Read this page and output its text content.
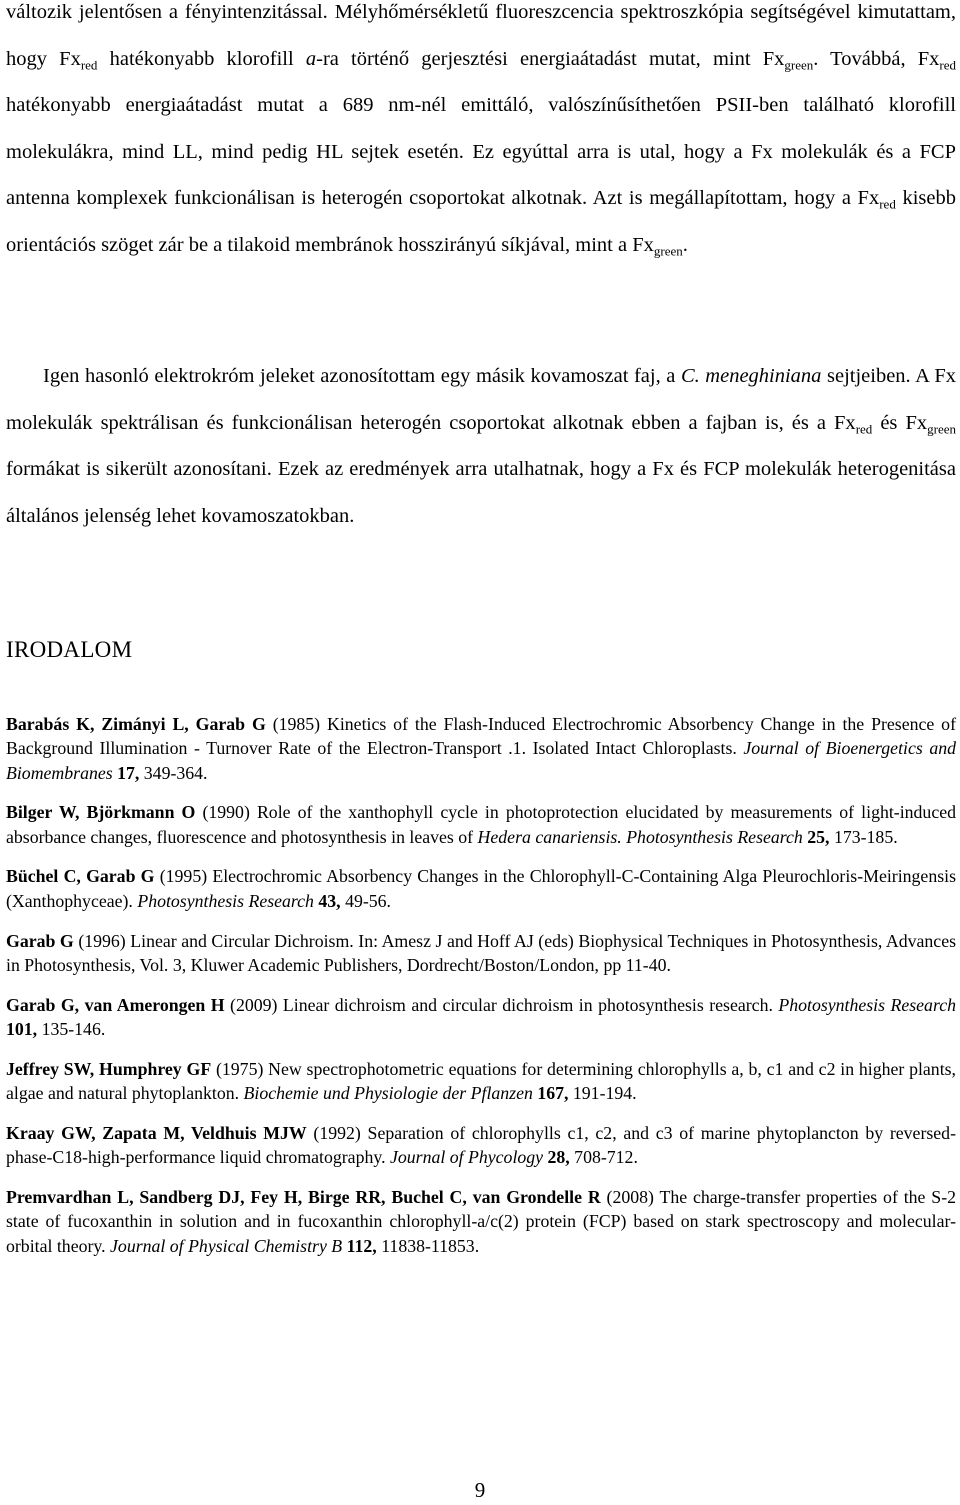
változik jelentősen a fényintenzitással. Mélyhőmérsékletű fluoreszcencia spektroszkópia segítségével kimutattam, hogy $Fx_{red}$ hatékonyabb klorofill a-ra történő gerjesztési energiaátadást mutat, mint $Fx_{green}$. Továbbá, $Fx_{red}$ hatékonyabb energiaátadást mutat a 689 nm-nél emittáló, valószínűsíthetően PSII-ben található klorofill molekulákra, mind LL, mind pedig HL sejtek esetén. Ez egyúttal arra is utal, hogy a Fx molekulák és a FCP antenna komplexek funkcionálisan is heterogén csoportokat alkotnak. Azt is megállapítottam, hogy a $Fx_{red}$ kisebb orientációs szöget zár be a tilakoid membránok hosszirányú síkjával, mint a $Fx_{green}$.

Igen hasonló elektrokróm jeleket azonosítottam egy másik kovamoszat faj, a C. meneghiniana sejtjeiben. A Fx molekulák spektrálisan és funkcionálisan heterogén csoportokat alkotnak ebben a fajban is, és a $Fx_{red}$ és $Fx_{green}$ formákat is sikerült azonosítani. Ezek az eredmények arra utalhatnak, hogy a Fx és FCP molekulák heterogenitása általános jelenség lehet kovamoszatokban.

IRODALOM

Barabás K, Zimányi L, Garab G (1985) Kinetics of the Flash-Induced Electrochromic Absorbency Change in the Presence of Background Illumination - Turnover Rate of the Electron-Transport .1. Isolated Intact Chloroplasts. Journal of Bioenergetics and Biomembranes 17, 349-364.

Bilger W, Björkmann O (1990) Role of the xanthophyll cycle in photoprotection elucidated by measurements of light-induced absorbance changes, fluorescence and photosynthesis in leaves of Hedera canariensis. Photosynthesis Research 25, 173-185.

Büchel C, Garab G (1995) Electrochromic Absorbency Changes in the Chlorophyll-C-Containing Alga Pleurochloris-Meiringensis (Xanthophyceae). Photosynthesis Research 43, 49-56.

Garab G (1996) Linear and Circular Dichroism. In: Amesz J and Hoff AJ (eds) Biophysical Techniques in Photosynthesis, Advances in Photosynthesis, Vol. 3, Kluwer Academic Publishers, Dordrecht/Boston/London, pp 11-40.

Garab G, van Amerongen H (2009) Linear dichroism and circular dichroism in photosynthesis research. Photosynthesis Research 101, 135-146.

Jeffrey SW, Humphrey GF (1975) New spectrophotometric equations for determining chlorophylls a, b, c1 and c2 in higher plants, algae and natural phytoplankton. Biochemie und Physiologie der Pflanzen 167, 191-194.

Kraay GW, Zapata M, Veldhuis MJW (1992) Separation of chlorophylls c1, c2, and c3 of marine phytoplancton by reversed-phase-C18-high-performance liquid chromatography. Journal of Phycology 28, 708-712.

Premvardhan L, Sandberg DJ, Fey H, Birge RR, Buchel C, van Grondelle R (2008) The charge-transfer properties of the S-2 state of fucoxanthin in solution and in fucoxanthin chlorophyll-a/c(2) protein (FCP) based on stark spectroscopy and molecular-orbital theory. Journal of Physical Chemistry B 112, 11838-11853.

9
